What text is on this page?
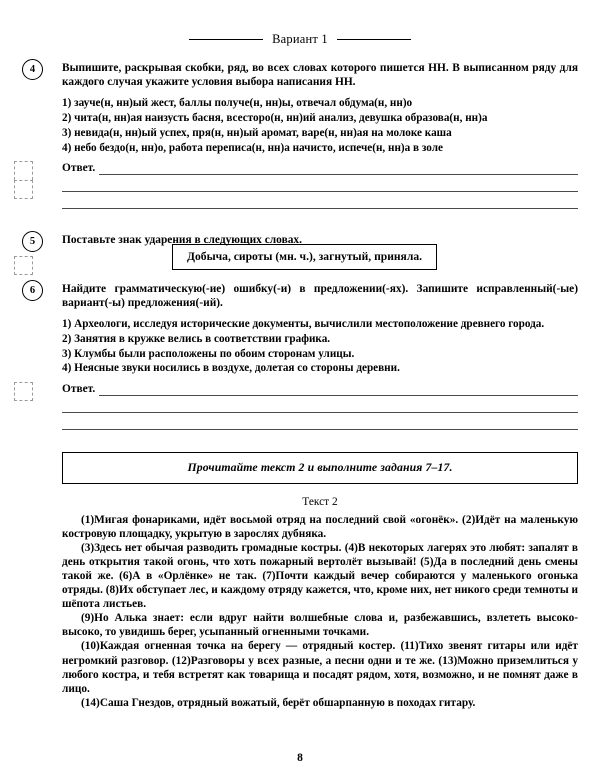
Вариант 1
4	Выпишите, раскрывая скобки, ряд, во всех словах которого пишется НН. В выписанном ряду для каждого случая укажите условия выбора написания НН.

1) зауче(н, нн)ый жест, баллы получе(н, нн)ы, отвечал обдума(н, нн)о
2) чита(н, нн)ая наизусть басня, всесторо(н, нн)ий анализ, девушка образова(н, нн)а
3) невида(н, нн)ый успех, пря(н, нн)ый аромат, варе(н, нн)ая на молоке каша
4) небо бездо(н, нн)о, работа переписа(н, нн)а начисто, испече(н, нн)а в золе
Ответ.
5	Поставьте знак ударения в следующих словах.

Добыча, сироты (мн. ч.), загнутый, приняла.
6	Найдите грамматическую(-ие) ошибку(-и) в предложении(-ях). Запишите исправленный(-ые) вариант(-ы) предложения(-ий).

1) Археологи, исследуя исторические документы, вычислили местоположение древнего города.
2) Занятия в кружке велись в соответствии графика.
3) Клумбы были расположены по обоим сторонам улицы.
4) Неясные звуки носились в воздухе, долетая со стороны деревни.
Ответ.
Прочитайте текст 2 и выполните задания 7–17.
Текст 2

(1)Мигая фонариками, идёт восьмой отряд на последний свой «огонёк». (2)Идёт на маленькую костровую площадку, укрытую в зарослях дубняка.

(3)Здесь нет обычая разводить громадные костры. (4)В некоторых лагерях это любят: запалят в день открытия такой огонь, что хоть пожарный вертолёт вызывай! (5)Да в последний день смены такой же. (6)А в «Орлёнке» не так. (7)Почти каждый вечер собираются у маленького огонька отряды. (8)Их обступает лес, и каждому отряду кажется, что, кроме них, нет никого среди темноты и шёпота листьев.

(9)Но Алька знает: если вдруг найти волшебные слова и, разбежавшись, взлететь высоко-высоко, то увидишь берег, усыпанный огненными точками.

(10)Каждая огненная точка на берегу — отрядный костер. (11)Тихо звенят гитары или идёт негромкий разговор. (12)Разговоры у всех разные, а песни одни и те же. (13)Можно приземлиться у любого костра, и тебя встретят как товарища и посадят рядом, хотя, возможно, и не помнят даже в лицо.

(14)Саша Гнездов, отрядный вожатый, берёт обшарпанную в походах гитару.

8
